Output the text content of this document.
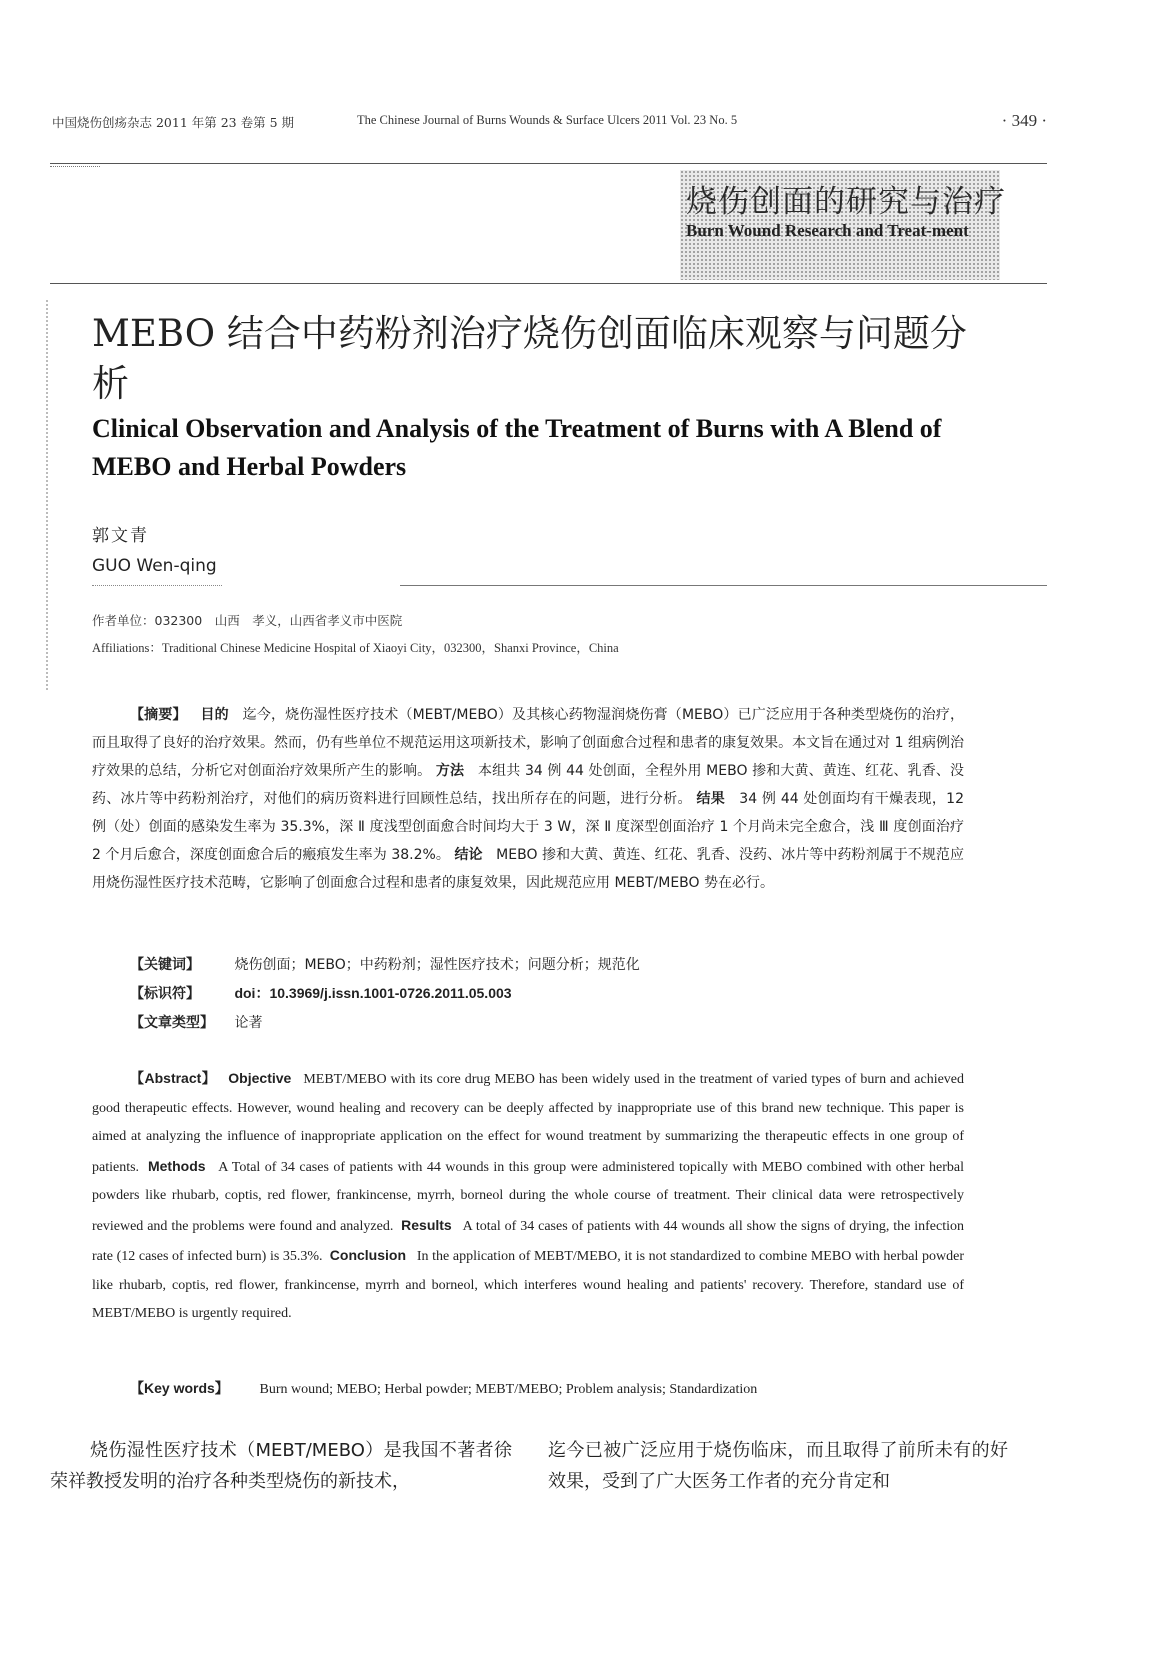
中国烧伤创疡杂志 2011 年第 23 卷第 5 期	The Chinese Journal of Burns Wounds & Surface Ulcers 2011 Vol. 23 No. 5	· 349 ·
烧伤创面的研究与治疗
Burn Wound Research and Treat-ment
MEBO 结合中药粉剂治疗烧伤创面临床观察与问题分析
Clinical Observation and Analysis of the Treatment of Burns with A Blend of MEBO and Herbal Powders
郭文青
GUO Wen-qing
作者单位：032300　山西　孝义，山西省孝义市中医院
Affiliations：Traditional Chinese Medicine Hospital of Xiaoyi City，032300，Shanxi Province，China
【摘要】 目的 迄今，烧伤湿性医疗技术（MEBT/MEBO）及其核心药物湿润烧伤膏（MEBO）已广泛应用于各种类型烧伤的治疗，而且取得了良好的治疗效果。然而，仍有些单位不规范运用这项新技术，影响了创面愈合过程和患者的康复效果。本文旨在通过对 1 组病例治疗效果的总结，分析它对创面治疗效果所产生的影响。 方法 本组共 34 例 44 处创面，全程外用 MEBO 掺和大黄、黄连、红花、乳香、没药、冰片等中药粉剂治疗，对他们的病历资料进行回顾性总结，找出所存在的问题，进行分析。 结果 34 例 44 处创面均有干燥表现，12 例（处）创面的感染发生率为 35.3%，深 Ⅱ 度浅型创面愈合时间均大于 3 W，深 Ⅱ 度深型创面治疗 1 个月尚未完全愈合，浅 Ⅲ 度创面治疗 2 个月后愈合，深度创面愈合后的瘢痕发生率为 38.2%。 结论 MEBO 掺和大黄、黄连、红花、乳香、没药、冰片等中药粉剂属于不规范应用烧伤湿性医疗技术范畴，它影响了创面愈合过程和患者的康复效果，因此规范应用 MEBT/MEBO 势在必行。
【关键词】 烧伤创面；MEBO；中药粉剂；湿性医疗技术；问题分析；规范化
【标识符】 doi：10.3969/j.issn.1001-0726.2011.05.003
【文章类型】 论著
【Abstract】 Objective MEBT/MEBO with its core drug MEBO has been widely used in the treatment of varied types of burn and achieved good therapeutic effects. However, wound healing and recovery can be deeply affected by inappropriate use of this brand new technique. This paper is aimed at analyzing the influence of inappropriate application on the effect for wound treatment by summarizing the therapeutic effects in one group of patients. Methods A Total of 34 cases of patients with 44 wounds in this group were administered topically with MEBO combined with other herbal powders like rhubarb, coptis, red flower, frankincense, myrrh, borneol during the whole course of treatment. Their clinical data were retrospectively reviewed and the problems were found and analyzed. Results A total of 34 cases of patients with 44 wounds all show the signs of drying, the infection rate (12 cases of infected burn) is 35.3%. Conclusion In the application of MEBT/MEBO, it is not standardized to combine MEBO with herbal powder like rhubarb, coptis, red flower, frankincense, myrrh and borneol, which interferes wound healing and patients' recovery. Therefore, standard use of MEBT/MEBO is urgently required.
【Key words】 Burn wound; MEBO; Herbal powder; MEBT/MEBO; Problem analysis; Standardization
烧伤湿性医疗技术（MEBT/MEBO）是我国不著者徐荣祥教授发明的治疗各种类型烧伤的新技术，
迄今已被广泛应用于烧伤临床，而且取得了前所未有的好效果，受到了广大医务工作者的充分肯定和
